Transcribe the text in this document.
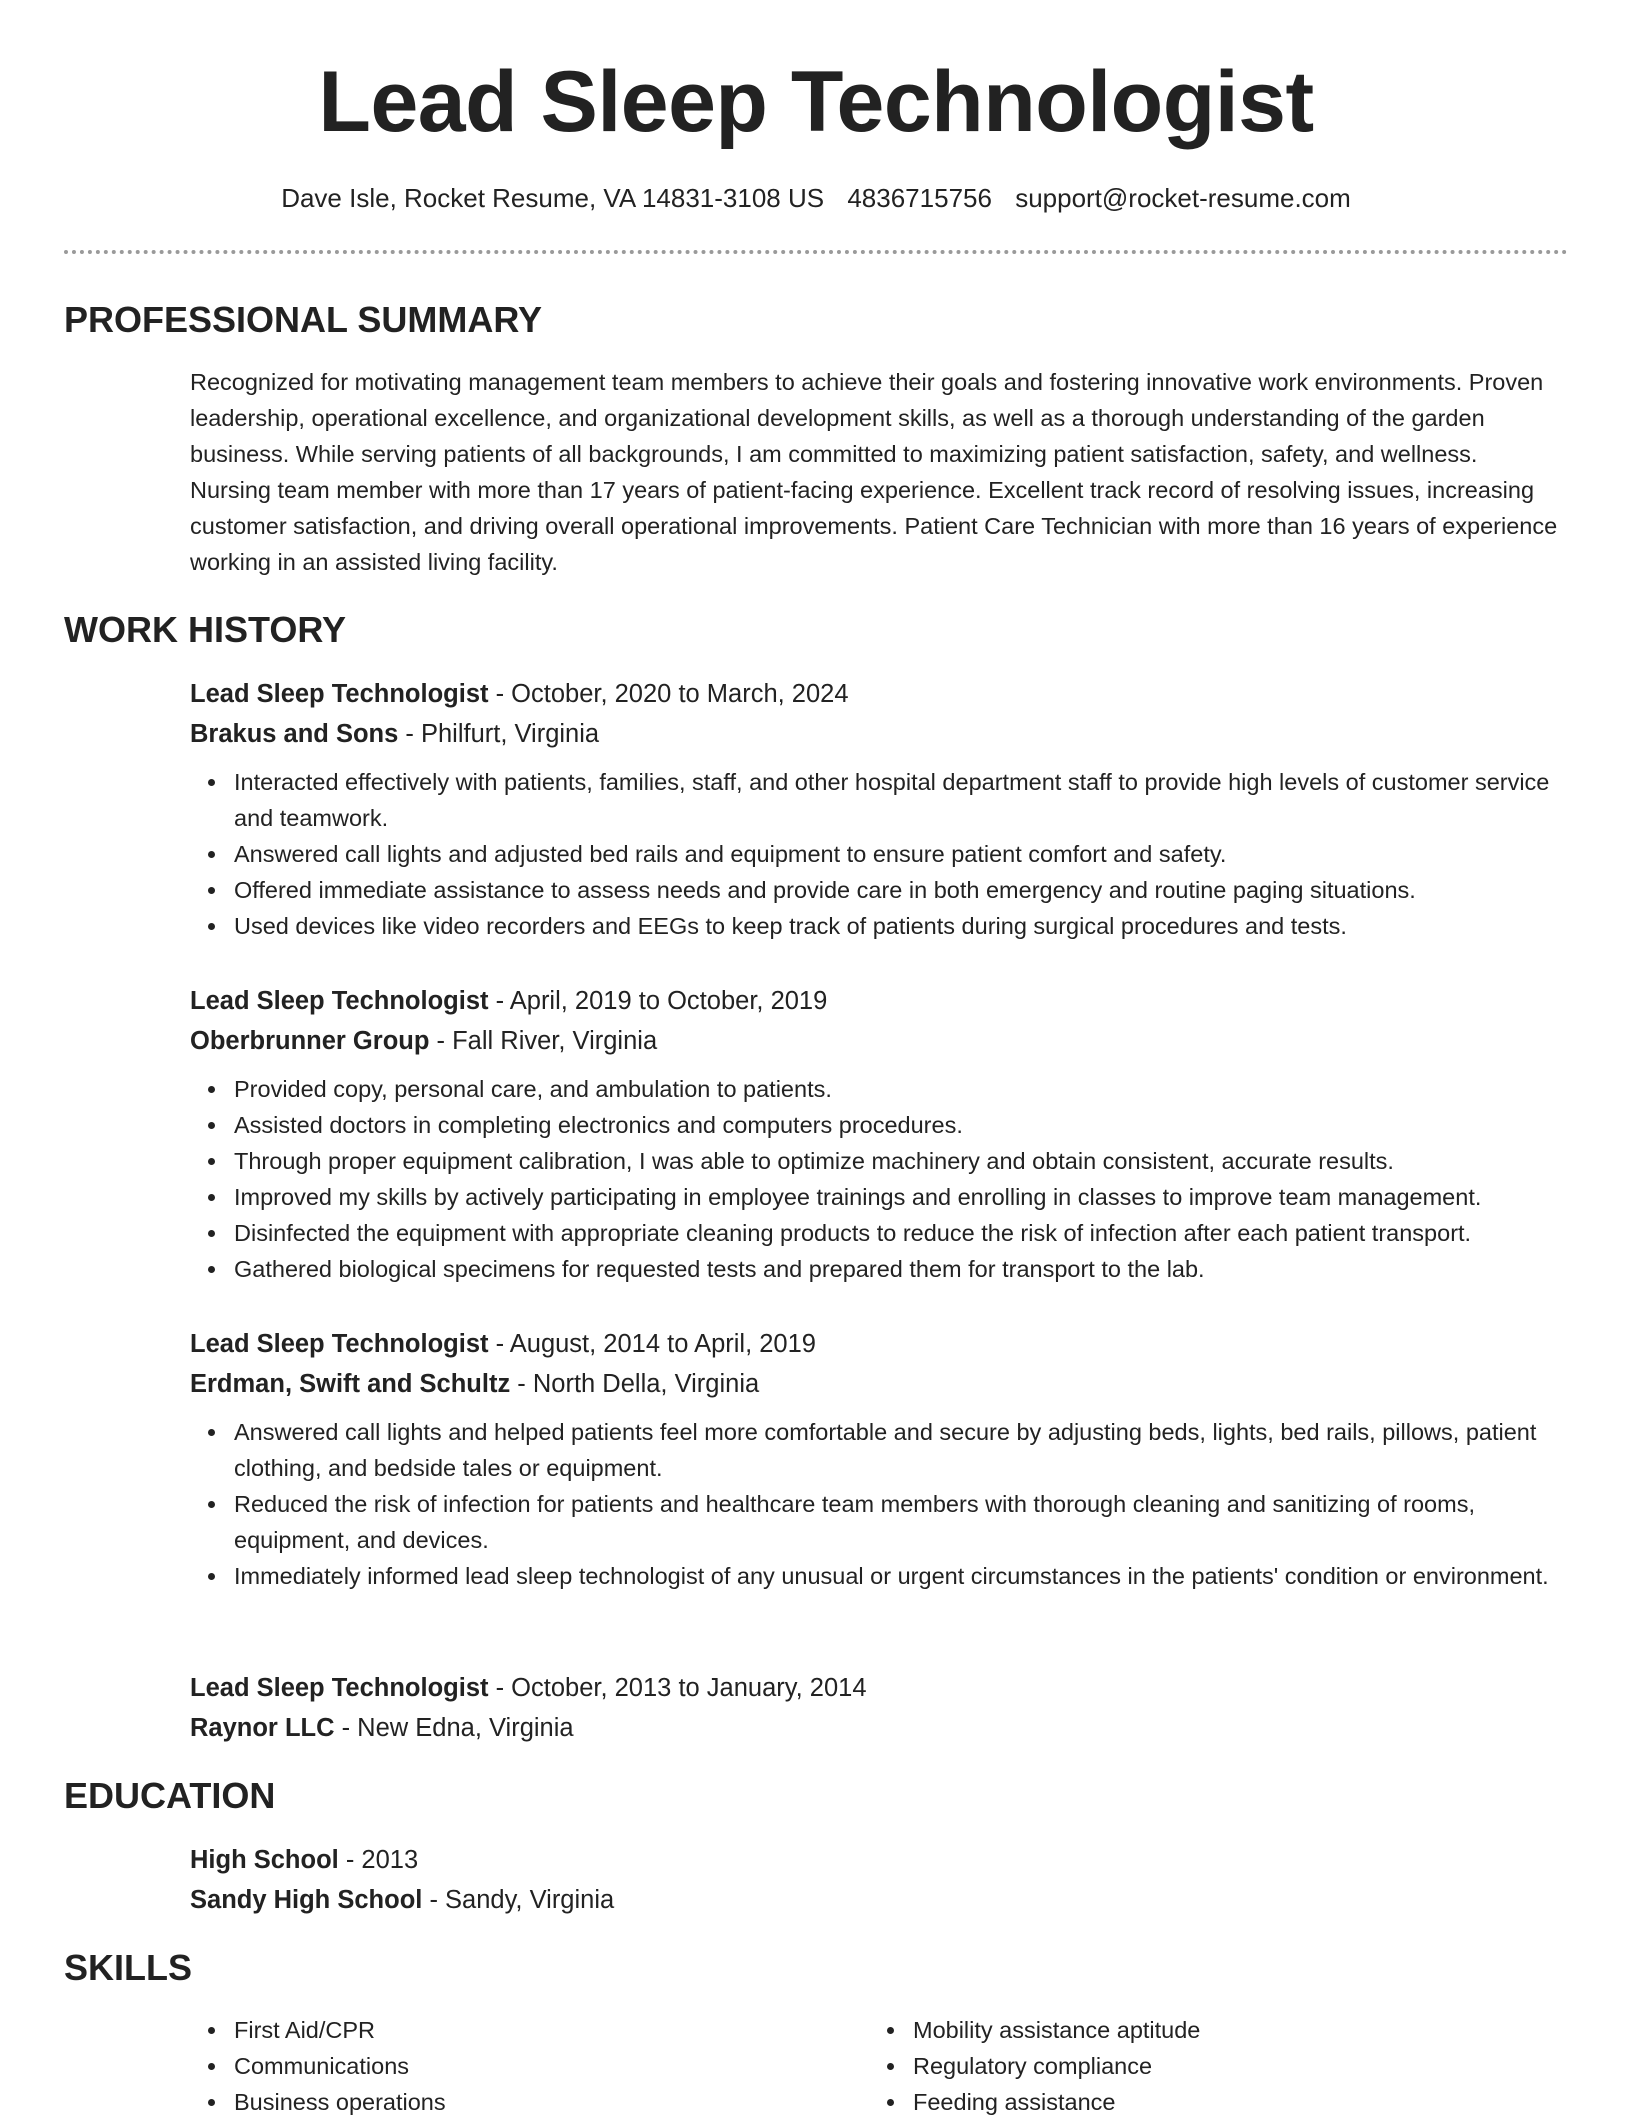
Lead Sleep Technologist
Dave Isle, Rocket Resume, VA 14831-3108 US 4836715756 support@rocket-resume.com
PROFESSIONAL SUMMARY
Recognized for motivating management team members to achieve their goals and fostering innovative work environments. Proven leadership, operational excellence, and organizational development skills, as well as a thorough understanding of the garden business. While serving patients of all backgrounds, I am committed to maximizing patient satisfaction, safety, and wellness. Nursing team member with more than 17 years of patient-facing experience. Excellent track record of resolving issues, increasing customer satisfaction, and driving overall operational improvements. Patient Care Technician with more than 16 years of experience working in an assisted living facility.
WORK HISTORY
Lead Sleep Technologist - October, 2020 to March, 2024
Brakus and Sons - Philfurt, Virginia
Interacted effectively with patients, families, staff, and other hospital department staff to provide high levels of customer service and teamwork.
Answered call lights and adjusted bed rails and equipment to ensure patient comfort and safety.
Offered immediate assistance to assess needs and provide care in both emergency and routine paging situations.
Used devices like video recorders and EEGs to keep track of patients during surgical procedures and tests.
Lead Sleep Technologist - April, 2019 to October, 2019
Oberbrunner Group - Fall River, Virginia
Provided copy, personal care, and ambulation to patients.
Assisted doctors in completing electronics and computers procedures.
Through proper equipment calibration, I was able to optimize machinery and obtain consistent, accurate results.
Improved my skills by actively participating in employee trainings and enrolling in classes to improve team management.
Disinfected the equipment with appropriate cleaning products to reduce the risk of infection after each patient transport.
Gathered biological specimens for requested tests and prepared them for transport to the lab.
Lead Sleep Technologist - August, 2014 to April, 2019
Erdman, Swift and Schultz - North Della, Virginia
Answered call lights and helped patients feel more comfortable and secure by adjusting beds, lights, bed rails, pillows, patient clothing, and bedside tales or equipment.
Reduced the risk of infection for patients and healthcare team members with thorough cleaning and sanitizing of rooms, equipment, and devices.
Immediately informed lead sleep technologist of any unusual or urgent circumstances in the patients' condition or environment.
Lead Sleep Technologist - October, 2013 to January, 2014
Raynor LLC - New Edna, Virginia
EDUCATION
High School - 2013
Sandy High School - Sandy, Virginia
SKILLS
First Aid/CPR
Communications
Business operations
Mobility assistance aptitude
Regulatory compliance
Feeding assistance
